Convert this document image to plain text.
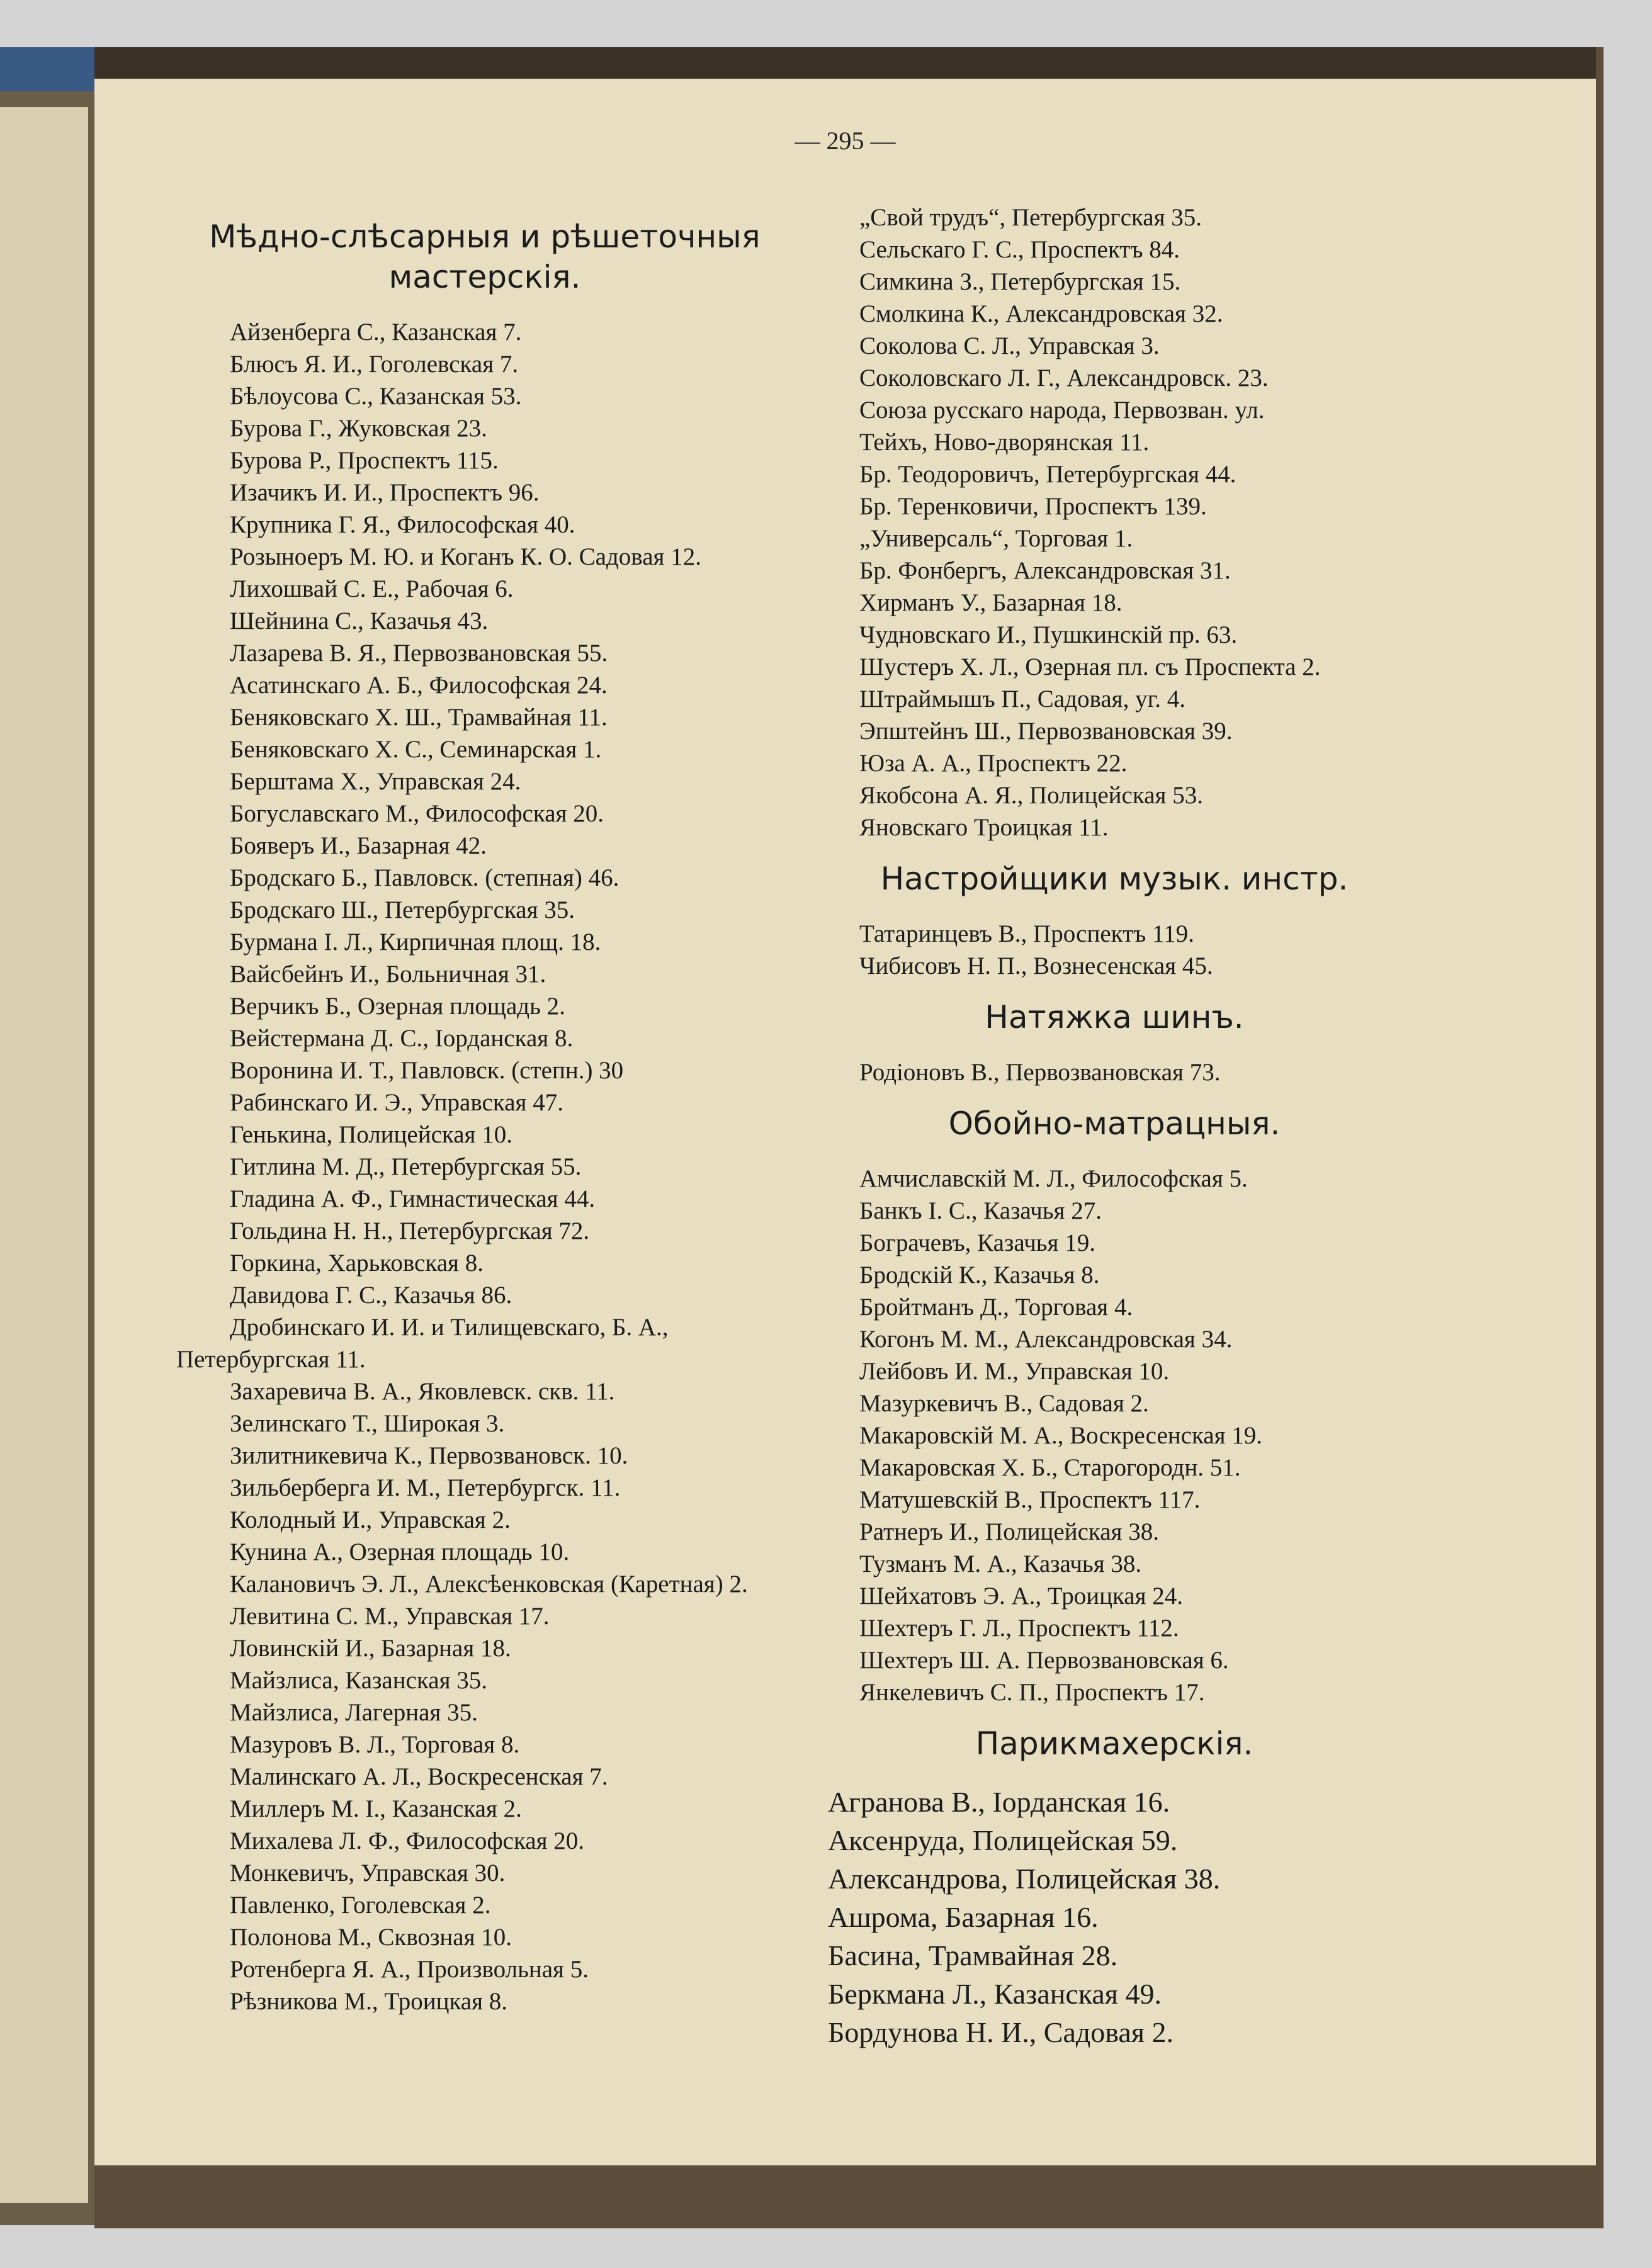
— 295 —
Мѣдно-слѣсарныя и рѣшеточныя мастерскія.
Айзенберга С., Казанская 7.
Блюсъ Я. И., Гоголевская 7.
Бѣлоусова С., Казанская 53.
Бурова Г., Жуковская 23.
Бурова Р., Проспектъ 115.
Изачикъ И. И., Проспектъ 96.
Крупника Г. Я., Философская 40.
Розыноеръ М. Ю. и Коганъ К. О. Садовая 12.
Лихошвай С. Е., Рабочая 6.
Шейнина С., Казачья 43.
Лазарева В. Я., Первозвановская 55.
Асатинскаго А. Б., Философская 24.
Беняковскаго Х. Ш., Трамвайная 11.
Беняковскаго Х. С., Семинарская 1.
Берштама Х., Управская 24.
Богуславскаго М., Философская 20.
Бояверъ И., Базарная 42.
Бродскаго Б., Павловск. (степная) 46.
Бродскаго Ш., Петербургская 35.
Бурмана I. Л., Кирпичная площ. 18.
Вайсбейнъ И., Больничная 31.
Верчикъ Б., Озерная площадь 2.
Вейстермана Д. С., Iорданская 8.
Воронина И. Т., Павловск. (степн.) 30
Рабинскаго И. Э., Управская 47.
Генькина, Полицейская 10.
Гитлина М. Д., Петербургская 55.
Гладина А. Ф., Гимнастическая 44.
Гольдина Н. Н., Петербургская 72.
Горкина, Харьковская 8.
Давидова Г. С., Казачья 86.
Дробинскаго И. И. и Тилищевскаго, Б. А., Петербургская 11.
Захаревича В. А., Яковлевск. скв. 11.
Зелинскаго Т., Широкая 3.
Зилитникевича К., Первозвановск. 10.
Зильберберга И. М., Петербургск. 11.
Колодный И., Управская 2.
Кунина А., Озерная площадь 10.
Калановичъ Э. Л., Алексѣенковская (Каретная) 2.
Левитина С. М., Управская 17.
Ловинскiй И., Базарная 18.
Майзлиса, Казанская 35.
Майзлиса, Лагерная 35.
Мазуровъ В. Л., Торговая 8.
Малинскаго А. Л., Воскресенская 7.
Миллеръ М. I., Казанская 2.
Михалева Л. Ф., Философская 20.
Монкевичъ, Управская 30.
Павленко, Гоголевская 2.
Полонова М., Сквозная 10.
Ротенберга Я. А., Произвольная 5.
Рѣзникова М., Троицкая 8.
„Свой трудъ“, Петербургская 35.
Сельскаго Г. С., Проспектъ 84.
Симкина З., Петербургская 15.
Смолкина К., Александровская 32.
Соколова С. Л., Управская 3.
Соколовскаго Л. Г., Александровск. 23.
Союза русскаго народа, Первозван. ул.
Тейхъ, Ново-дворянская 11.
Бр. Теодоровичъ, Петербургская 44.
Бр. Теренковичи, Проспектъ 139.
„Универсаль“, Торговая 1.
Бр. Фонбергъ, Александровская 31.
Хирманъ У., Базарная 18.
Чудновскаго И., Пушкинскiй пр. 63.
Шустеръ Х. Л., Озерная пл. съ Проспекта 2.
Штраймышъ П., Садовая, уг. 4.
Эпштейнъ Ш., Первозвановская 39.
Юза А. А., Проспектъ 22.
Якобсона А. Я., Полицейская 53.
Яновскаго Троицкая 11.
Настройщики музык. инстр.
Татаринцевъ В., Проспектъ 119.
Чибисовъ Н. П., Вознесенская 45.
Натяжка шинъ.
Родiоновъ В., Первозвановская 73.
Обойно-матрацныя.
Амчиславскiй М. Л., Философская 5.
Банкъ I. С., Казачья 27.
Бограчевъ, Казачья 19.
Бродскiй К., Казачья 8.
Бройтманъ Д., Торговая 4.
Когонъ М. М., Александровская 34.
Лейбовъ И. М., Управская 10.
Мазуркевичъ В., Садовая 2.
Макаровскiй М. А., Воскресенская 19.
Макаровская Х. Б., Старогородн. 51.
Матушевскiй В., Проспектъ 117.
Ратнеръ И., Полицейская 38.
Тузманъ М. А., Казачья 38.
Шейхатовъ Э. А., Троицкая 24.
Шехтеръ Г. Л., Проспектъ 112.
Шехтеръ Ш. А. Первозвановская 6.
Янкелевичъ С. П., Проспектъ 17.
Парикмахерскiя.
Агранова В., Iорданская 16.
Аксенруда, Полицейская 59.
Александрова, Полицейская 38.
Ашрома, Базарная 16.
Басина, Трамвайная 28.
Беркмана Л., Казанская 49.
Бордунова Н. И., Садовая 2.
